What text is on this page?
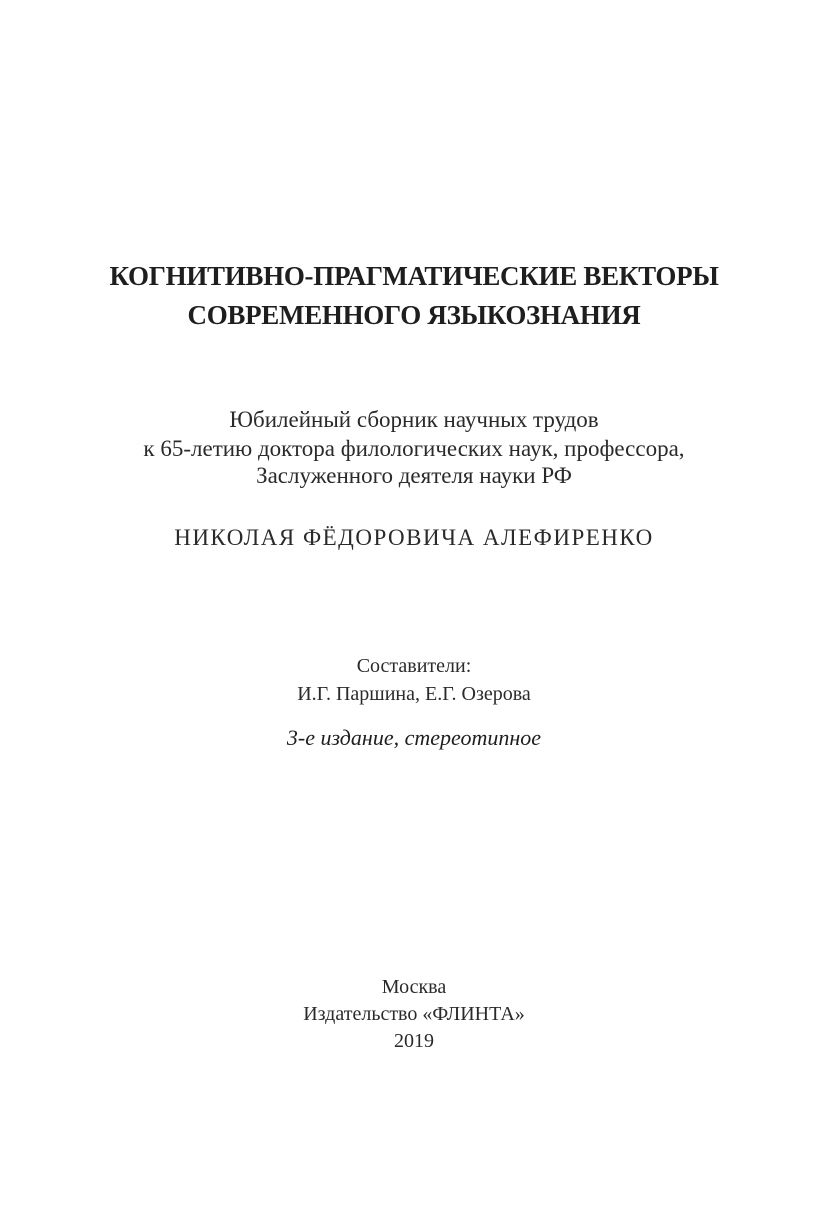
КОГНИТИВНО-ПРАГМАТИЧЕСКИЕ ВЕКТОРЫ
СОВРЕМЕННОГО ЯЗЫКОЗНАНИЯ
Юбилейный сборник научных трудов
к 65-летию доктора филологических наук, профессора,
Заслуженного деятеля науки РФ
НИКОЛАЯ ФЁДОРОВИЧА АЛЕФИРЕНКО
Составители:
И.Г. Паршина, Е.Г. Озерова
3-е издание, стереотипное
Москва
Издательство «ФЛИНТА»
2019
